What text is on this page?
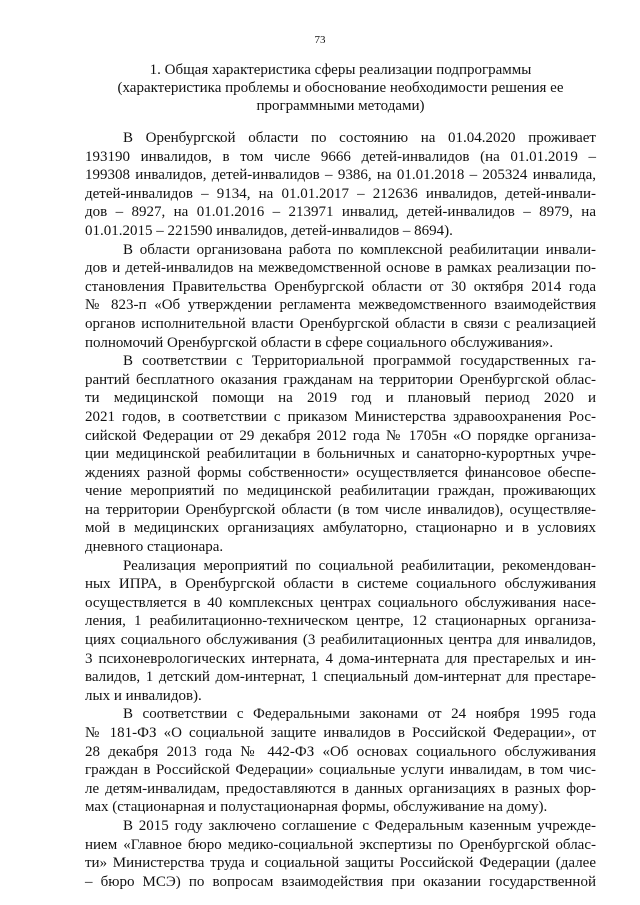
73
1. Общая характеристика сферы реализации подпрограммы
(характеристика проблемы и обоснование необходимости решения ее
программными методами)
В Оренбургской области по состоянию на 01.04.2020 проживает
193190 инвалидов, в том числе 9666 детей-инвалидов (на 01.01.2019 –
199308 инвалидов, детей-инвалидов – 9386, на 01.01.2018 – 205324 инвалида,
детей-инвалидов – 9134, на 01.01.2017 – 212636 инвалидов, детей-инвали-
дов – 8927, на 01.01.2016 – 213971 инвалид, детей-инвалидов – 8979, на
01.01.2015 – 221590 инвалидов, детей-инвалидов – 8694).
В области организована работа по комплексной реабилитации инвали-
дов и детей-инвалидов на межведомственной основе в рамках реализации по-
становления Правительства Оренбургской области от 30 октября 2014 года
№ 823-п «Об утверждении регламента межведомственного взаимодействия
органов исполнительной власти Оренбургской области в связи с реализацией
полномочий Оренбургской области в сфере социального обслуживания».
В соответствии с Территориальной программой государственных га-
рантий бесплатного оказания гражданам на территории Оренбургской облас-
ти медицинской помощи на 2019 год и плановый период 2020 и
2021 годов, в соответствии с приказом Министерства здравоохранения Рос-
сийской Федерации от 29 декабря 2012 года № 1705н «О порядке организа-
ции медицинской реабилитации в больничных и санаторно-курортных учре-
ждениях разной формы собственности» осуществляется финансовое обеспе-
чение мероприятий по медицинской реабилитации граждан, проживающих
на территории Оренбургской области (в том числе инвалидов), осуществляе-
мой в медицинских организациях амбулаторно, стационарно и в условиях
дневного стационара.
Реализация мероприятий по социальной реабилитации, рекомендован-
ных ИПРА, в Оренбургской области в системе социального обслуживания
осуществляется в 40 комплексных центрах социального обслуживания насе-
ления, 1 реабилитационно-техническом центре, 12 стационарных организа-
циях социального обслуживания (3 реабилитационных центра для инвалидов,
3 психоневрологических интерната, 4 дома-интерната для престарелых и ин-
валидов, 1 детский дом-интернат, 1 специальный дом-интернат для престаре-
лых и инвалидов).
В соответствии с Федеральными законами от 24 ноября 1995 года
№ 181-ФЗ «О социальной защите инвалидов в Российской Федерации», от
28 декабря 2013 года № 442-ФЗ «Об основах социального обслуживания
граждан в Российской Федерации» социальные услуги инвалидам, в том чис-
ле детям-инвалидам, предоставляются в данных организациях в разных фор-
мах (стационарная и полустационарная формы, обслуживание на дому).
В 2015 году заключено соглашение с Федеральным казенным учрежде-
нием «Главное бюро медико-социальной экспертизы по Оренбургской облас-
ти» Министерства труда и социальной защиты Российской Федерации (далее
– бюро МСЭ) по вопросам взаимодействия при оказании государственной
